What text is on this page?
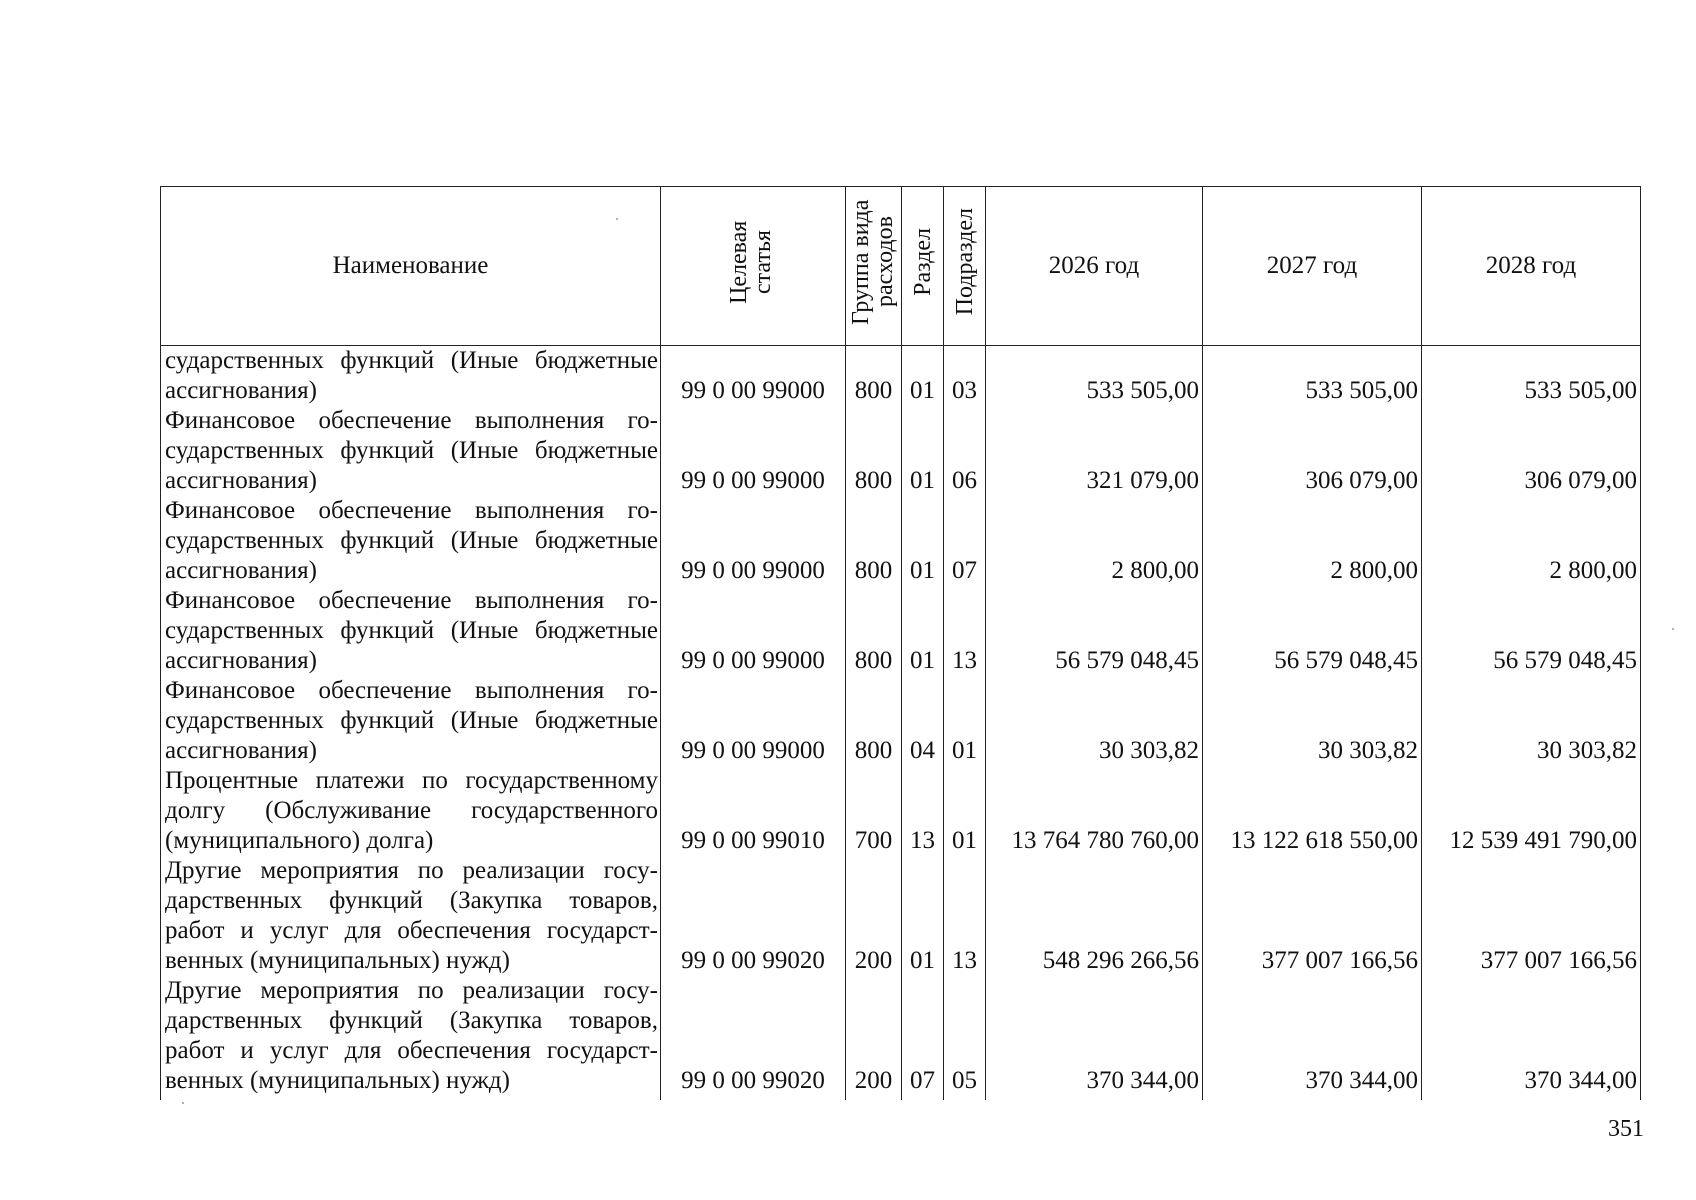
Наименование	Целевая статья	Группа вида расходов	Раздел	Подраздел	2026 год	2027 год	2028 год
сударственных функций (Иные бюджетные ассигнования)	99 0 00 99000	800	01	03	533 505,00	533 505,00	533 505,00
Финансовое обеспечение выполнения го- сударственных функций (Иные бюджетные ассигнования)	99 0 00 99000	800	01	06	321 079,00	306 079,00	306 079,00
Финансовое обеспечение выполнения го- сударственных функций (Иные бюджетные ассигнования)	99 0 00 99000	800	01	07	2 800,00	2 800,00	2 800,00
Финансовое обеспечение выполнения го- сударственных функций (Иные бюджетные ассигнования)	99 0 00 99000	800	01	13	56 579 048,45	56 579 048,45	56 579 048,45
Финансовое обеспечение выполнения го- сударственных функций (Иные бюджетные ассигнования)	99 0 00 99000	800	04	01	30 303,82	30 303,82	30 303,82
Процентные платежи по государственному долгу (Обслуживание государственного (муниципального) долга)	99 0 00 99010	700	13	01	13 764 780 760,00	13 122 618 550,00	12 539 491 790,00
Другие мероприятия по реализации госу- дарственных функций (Закупка товаров, работ и услуг для обеспечения государст- венных (муниципальных) нужд)	99 0 00 99020	200	01	13	548 296 266,56	377 007 166,56	377 007 166,56
Другие мероприятия по реализации госу- дарственных функций (Закупка товаров, работ и услуг для обеспечения государст- венных (муниципальных) нужд)	99 0 00 99020	200	07	05	370 344,00	370 344,00	370 344,00
351
